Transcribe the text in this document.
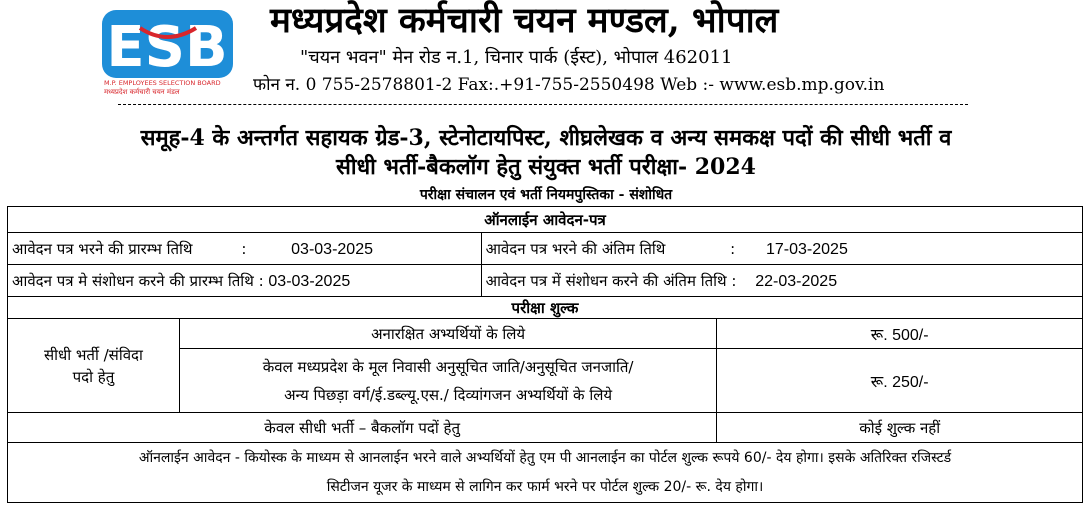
ESB
M.P. EMPLOYEES SELECTION BOARD
मध्यप्रदेश कर्मचारी चयन मंडल
मध्यप्रदेश कर्मचारी चयन मण्डल, भोपाल
"चयन भवन" मेन रोड न.1, चिनार पार्क (ईस्ट), भोपाल 462011
फोन न. 0 755-2578801-2 Fax:.+91-755-2550498 Web :- www.esb.mp.gov.in
समूह-4 के अन्तर्गत सहायक ग्रेड-3, स्टेनोटायपिस्ट, शीघ्रलेखक व अन्य समकक्ष पदों की सीधी भर्ती व
सीधी भर्ती-बैकलॉग हेतु संयुक्त भर्ती परीक्षा- 2024
परीक्षा संचालन एवं भर्ती नियमपुस्तिका - संशोधित
ऑनलाईन आवेदन-पत्र			
आवेदन पत्र भरने की प्रारम्भ तिथि : 03-03-2025		आवेदन पत्र भरने की अंतिम तिथि : 17-03-2025	
आवेदन पत्र मे संशोधन करने की प्रारम्भ तिथि : 03-03-2025		आवेदन पत्र में संशोधन करने की अंतिम तिथि : 22-03-2025	
परीक्षा शुल्क			

सीधी भर्ती /संविदा
पदो हेतु	अनारक्षित अभ्यर्थियों के लिये		रू. 500/-

	केवल मध्यप्रदेश के मूल निवासी अनुसूचित जाति/अनुसूचित जनजाति/
अन्य पिछड़ा वर्ग/ई.डब्ल्यू.एस./ दिव्यांगजन अभ्यर्थियों के लिये		रू. 250/-
केवल सीधी भर्ती – बैकलॉग पदों हेतु			कोई शुल्क नहीं

ऑनलाईन आवेदन - कियोस्क के माध्यम से आनलाईन भरने वाले अभ्यर्थियों हेतु एम पी आनलाईन का पोर्टल शुल्क रूपये 60/- देय होगा। इसके अतिरिक्त रजिस्टर्ड
सिटीजन यूजर के माध्यम से लागिन कर फार्म भरने पर पोर्टल शुल्क 20/- रू. देय होगा।			
